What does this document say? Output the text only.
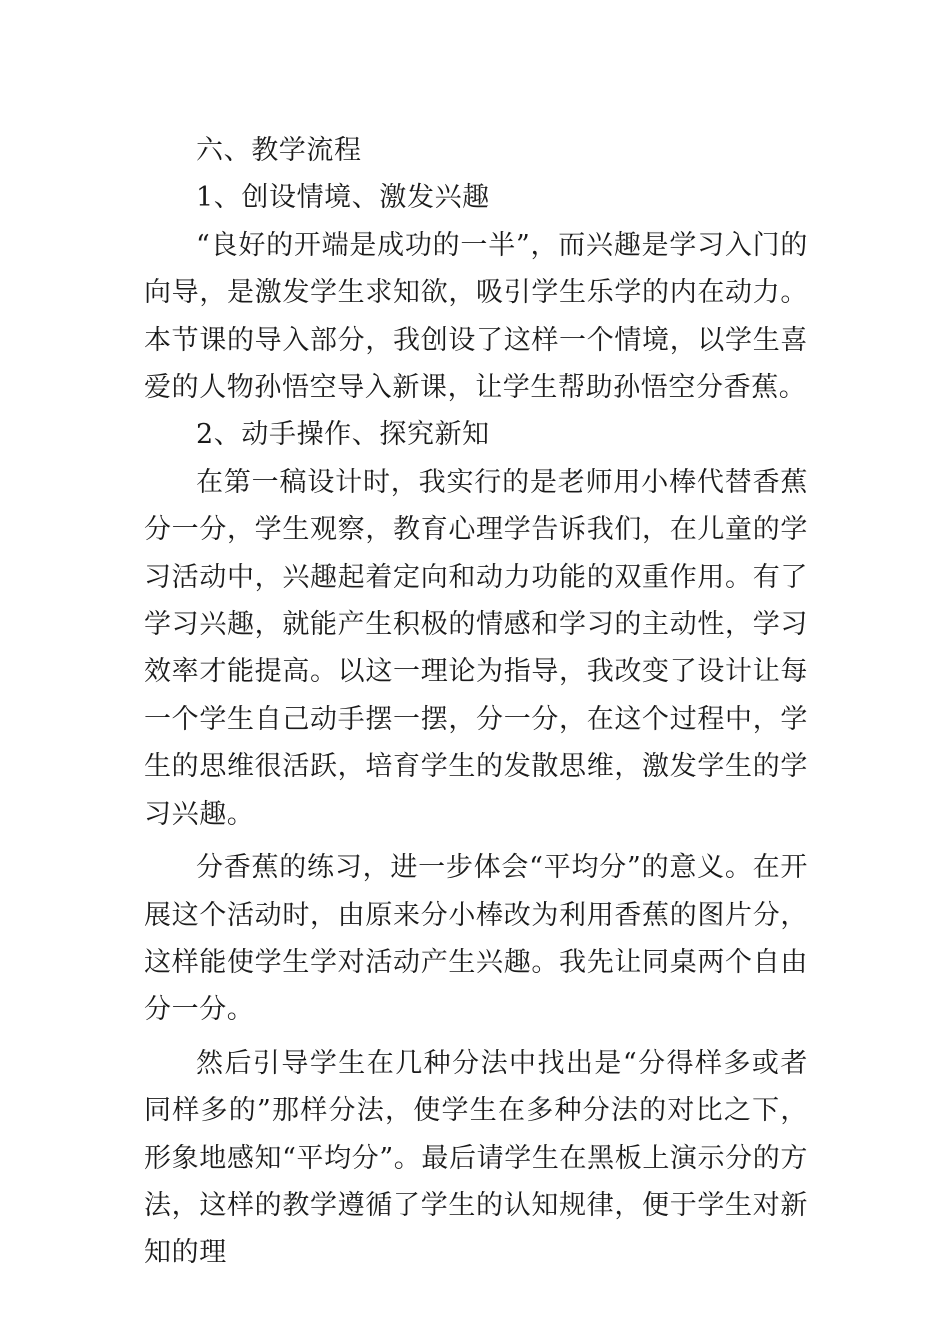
六、教学流程

1、创设情境、激发兴趣

“良好的开端是成功的一半”，而兴趣是学习入门的向导，是激发学生求知欲，吸引学生乐学的内在动力。本节课的导入部分，我创设了这样一个情境，以学生喜爱的人物孙悟空导入新课，让学生帮助孙悟空分香蕉。

2、动手操作、探究新知

在第一稿设计时，我实行的是老师用小棒代替香蕉分一分，学生观察，教育心理学告诉我们，在儿童的学习活动中，兴趣起着定向和动力功能的双重作用。有了学习兴趣，就能产生积极的情感和学习的主动性，学习效率才能提高。以这一理论为指导，我改变了设计让每一个学生自己动手摆一摆，分一分，在这个过程中，学生的思维很活跃，培育学生的发散思维，激发学生的学习兴趣。

分香蕉的练习，进一步体会“平均分”的意义。在开展这个活动时，由原来分小棒改为利用香蕉的图片分，这样能使学生学对活动产生兴趣。我先让同桌两个自由分一分。

然后引导学生在几种分法中找出是“分得样多或者同样多的”那样分法，使学生在多种分法的对比之下，形象地感知“平均分”。最后请学生在黑板上演示分的方法，这样的教学遵循了学生的认知规律，便于学生对新知的理
